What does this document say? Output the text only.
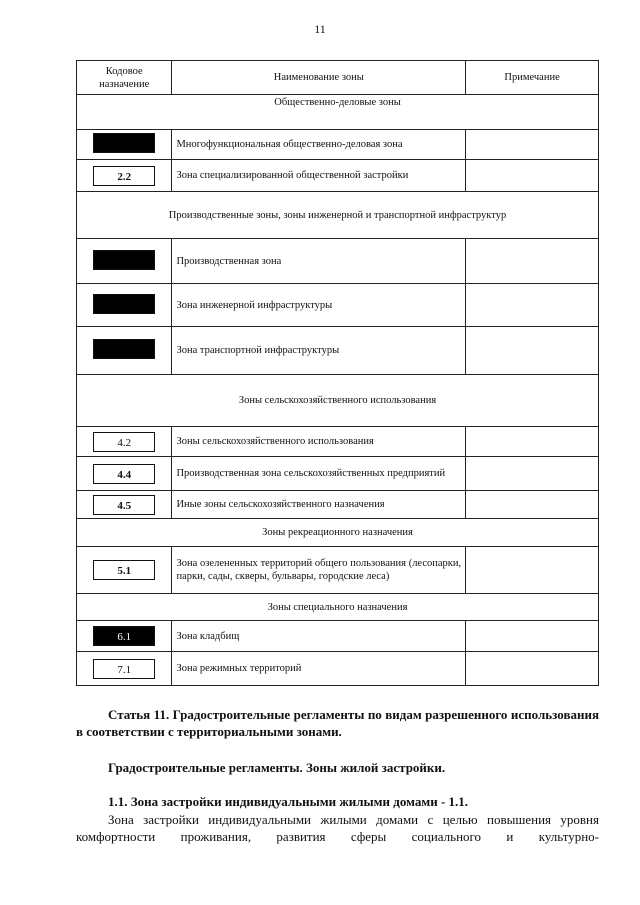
11
Кодовое назначение	Наименование зоны	Примечание
Общественно-деловые зоны		
	Многофункциональная общественно-деловая зона	
2.2	Зона специализированной общественной застройки	
Производственные зоны, зоны инженерной и транспортной инфраструктур		
	Производственная зона	
	Зона инженерной инфраструктуры	
	Зона транспортной инфраструктуры	
Зоны сельскохозяйственного использования		
4.2	Зоны сельскохозяйственного использования	
4.4	Производственная зона сельскохозяйственных предприятий	
4.5	Иные зоны сельскохозяйственного назначения	
Зоны рекреационного назначения		
5.1	Зона озелененных территорий общего пользования (лесопарки, парки, сады, скверы, бульвары, городские леса)	
Зоны специального назначения		
6.1	Зона кладбищ	
7.1	Зона режимных территорий	
Статья 11. Градостроительные регламенты по видам разрешенного использования в соответствии с территориальными зонами.
Градостроительные регламенты. Зоны жилой застройки.
1.1. Зона застройки индивидуальными жилыми домами - 1.1.
Зона застройки индивидуальными жилыми домами с целью повышения уровня комфортности проживания, развития сферы социального и культурно-
